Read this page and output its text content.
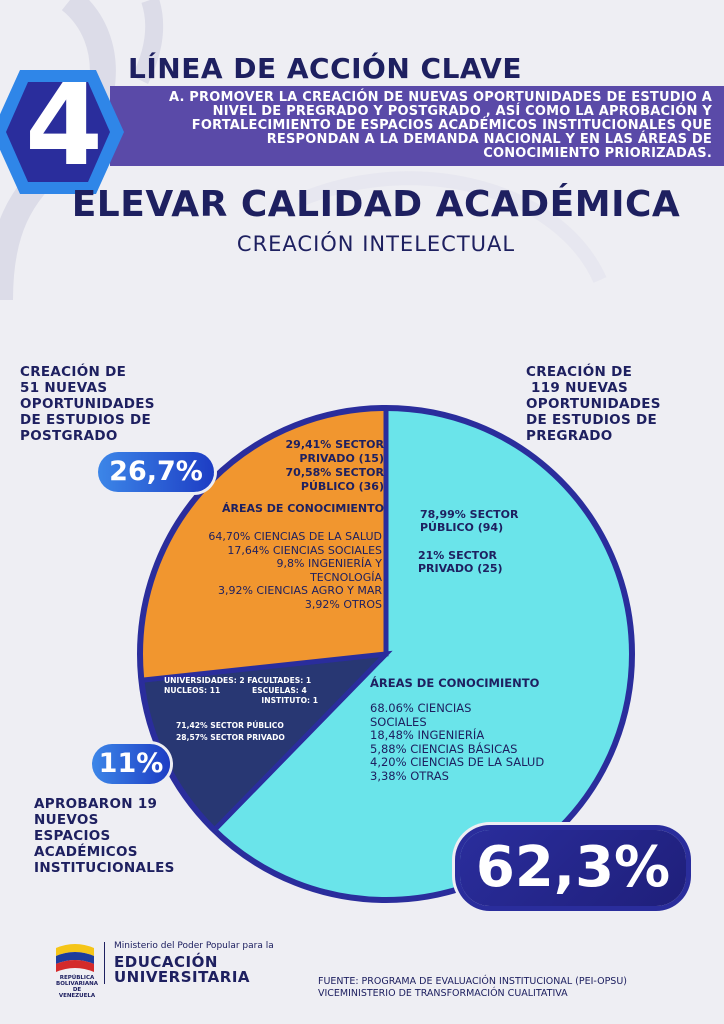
4 LÍNEA DE ACCIÓN CLAVE
A. PROMOVER LA CREACIÓN DE NUEVAS OPORTUNIDADES DE ESTUDIO A
NIVEL DE PREGRADO Y POSTGRADO , ASÍ COMO LA APROBACIÓN Y
FORTALECIMIENTO DE ESPACIOS ACADÉMICOS INSTITUCIONALES QUE
RESPONDAN A LA DEMANDA NACIONAL Y EN LAS ÁREAS DE
CONOCIMIENTO PRIORIZADAS.
ELEVAR CALIDAD ACADÉMICA
CREACIÓN INTELECTUAL
CREACIÓN DE
51 NUEVAS
OPORTUNIDADES
DE ESTUDIOS DE
POSTGRADO
CREACIÓN DE
119 NUEVAS
OPORTUNIDADES
DE ESTUDIOS DE
PREGRADO
APROBARON 19
NUEVOS
ESPACIOS
ACADÉMICOS
INSTITUCIONALES
26,7%
11%
62,3%
29,41% SECTOR
PRIVADO (15)
70,58% SECTOR
PÚBLICO (36)
ÁREAS DE CONOCIMIENTO
64,70% CIENCIAS DE LA SALUD
17,64% CIENCIAS SOCIALES
9,8% INGENIERÍA Y
TECNOLOGÍA
3,92% CIENCIAS AGRO Y MAR
3,92% OTROS
78,99% SECTOR
PÚBLICO (94)
21% SECTOR
PRIVADO (25)
ÁREAS DE CONOCIMIENTO
68.06% CIENCIAS
SOCIALES
18,48% INGENIERÍA
5,88% CIENCIAS BÁSICAS
4,20% CIENCIAS DE LA SALUD
3,38% OTRAS
UNIVERSIDADES: 2 FACULTADES: 1
NUCLEOS: 11            ESCUELAS: 4
INSTITUTO: 1
71,42% SECTOR PÚBLICO
28,57% SECTOR PRIVADO
REPÚBLICA BOLIVARIANA DE VENEZUELA
Ministerio del Poder Popular para la
EDUCACIÓN
UNIVERSITARIA	FUENTE: PROGRAMA DE EVALUACIÓN INSTITUCIONAL (PEI-OPSU)
VICEMINISTERIO DE TRANSFORMACIÓN CUALITATIVA
